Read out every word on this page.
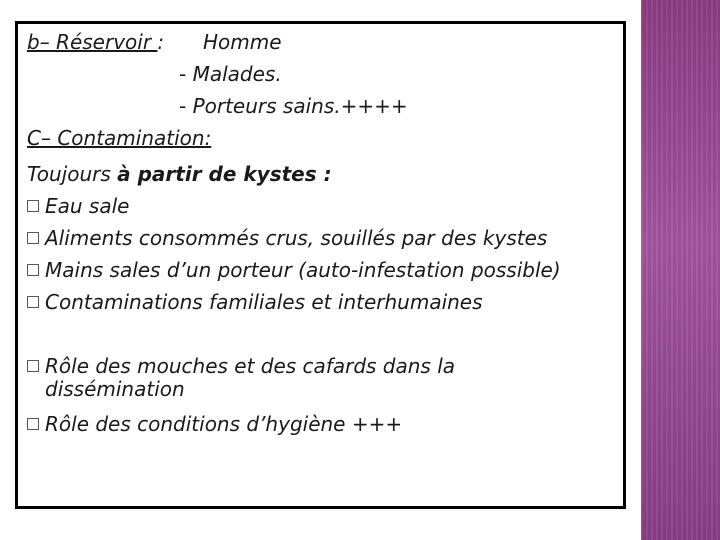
b– Réservoir : Homme
- Malades.
- Porteurs sains.++++
C– Contamination:
Toujours à partir de kystes :
Eau sale
Aliments consommés crus, souillés par des kystes
Mains sales d’un porteur (auto-infestation possible)
Contaminations familiales et interhumaines
Rôle des mouches et des cafards dans la
dissémination
Rôle des conditions d’hygiène +++
